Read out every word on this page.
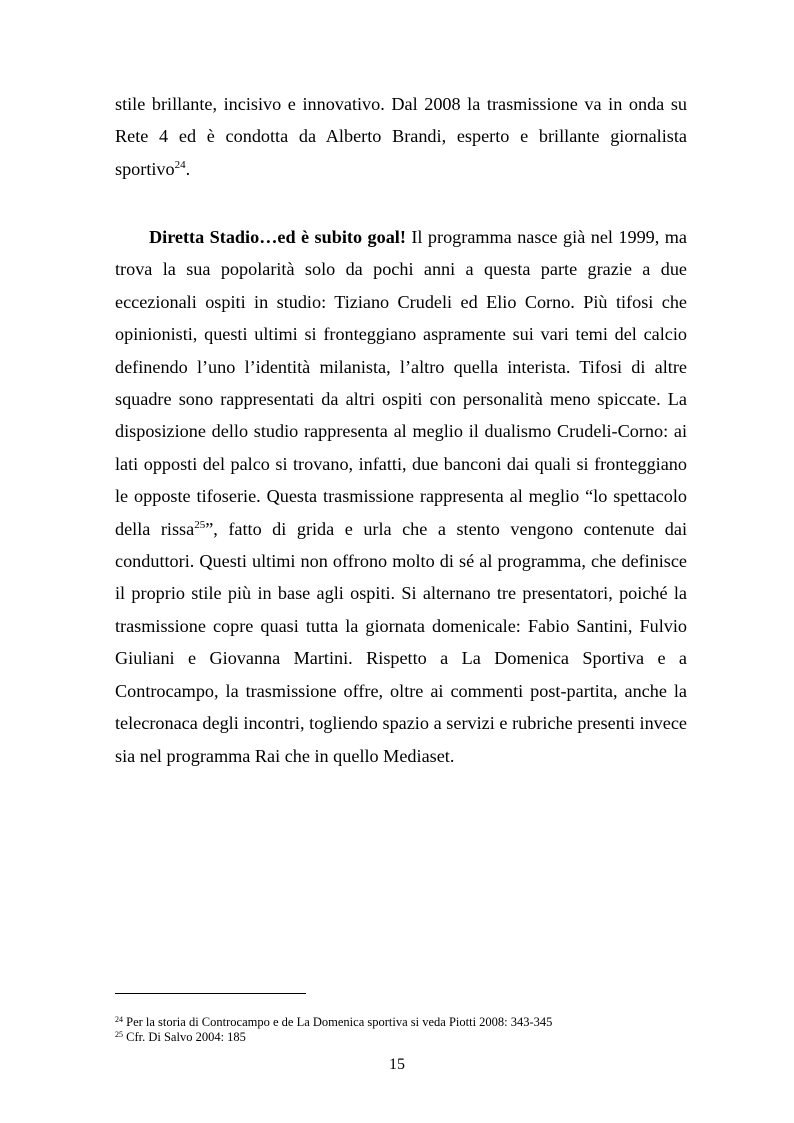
stile brillante, incisivo e innovativo. Dal 2008 la trasmissione va in onda su Rete 4 ed è condotta da Alberto Brandi, esperto e brillante giornalista sportivo$^{24}$.

Diretta Stadio…ed è subito goal! Il programma nasce già nel 1999, ma trova la sua popolarità solo da pochi anni a questa parte grazie a due eccezionali ospiti in studio: Tiziano Crudeli ed Elio Corno. Più tifosi che opinionisti, questi ultimi si fronteggiano aspramente sui vari temi del calcio definendo l’uno l’identità milanista, l’altro quella interista. Tifosi di altre squadre sono rappresentati da altri ospiti con personalità meno spiccate. La disposizione dello studio rappresenta al meglio il dualismo Crudeli-Corno: ai lati opposti del palco si trovano, infatti, due banconi dai quali si fronteggiano le opposte tifoserie. Questa trasmissione rappresenta al meglio “lo spettacolo della rissa$^{25}$”, fatto di grida e urla che a stento vengono contenute dai conduttori. Questi ultimi non offrono molto di sé al programma, che definisce il proprio stile più in base agli ospiti. Si alternano tre presentatori, poiché la trasmissione copre quasi tutta la giornata domenicale: Fabio Santini, Fulvio Giuliani e Giovanna Martini. Rispetto a La Domenica Sportiva e a Controcampo, la trasmissione offre, oltre ai commenti post-partita, anche la telecronaca degli incontri, togliendo spazio a servizi e rubriche presenti invece sia nel programma Rai che in quello Mediaset.

$^{24}$ Per la storia di Controcampo e de La Domenica sportiva si veda Piotti 2008: 343-345
$^{25}$ Cfr. Di Salvo 2004: 185
15
